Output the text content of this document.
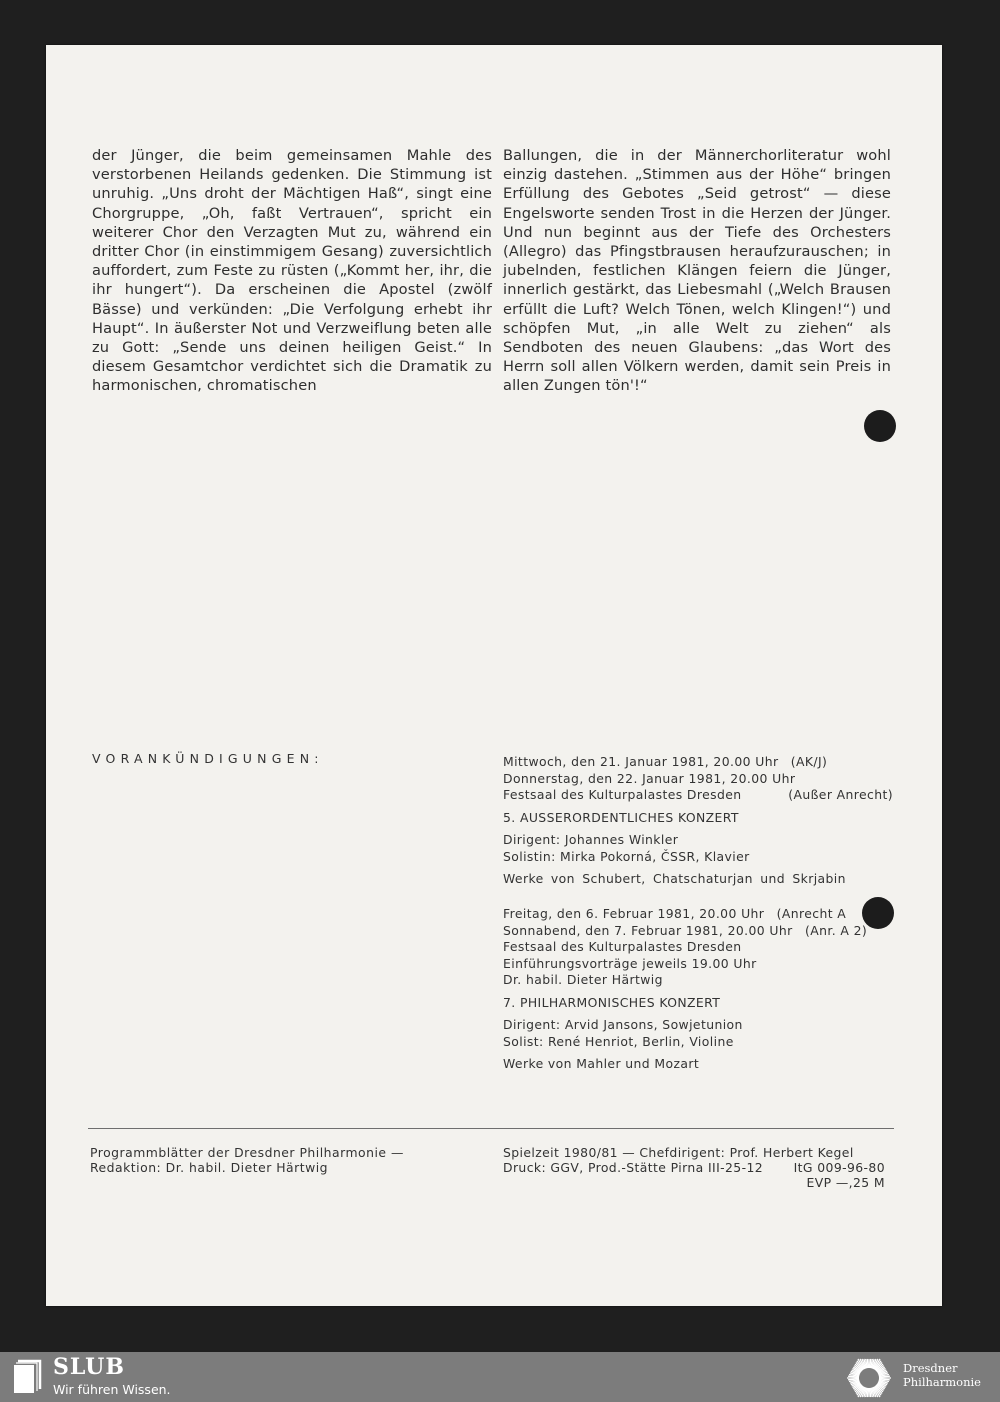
der Jünger, die beim gemeinsamen Mahle des verstorbenen Heilands gedenken. Die Stimmung ist unruhig. „Uns droht der Mächtigen Haß“, singt eine Chorgruppe, „Oh, faßt Vertrauen“, spricht ein weiterer Chor den Verzagten Mut zu, während ein dritter Chor (in einstimmigem Gesang) zuversichtlich auffordert, zum Feste zu rüsten („Kommt her, ihr, die ihr hungert“). Da erscheinen die Apostel (zwölf Bässe) und verkünden: „Die Verfolgung erhebt ihr Haupt“. In äußerster Not und Verzweiflung beten alle zu Gott: „Sende uns deinen heiligen Geist.“ In diesem Gesamtchor verdichtet sich die Dramatik zu harmonischen, chromatischen

Ballungen, die in der Männerchorliteratur wohl einzig dastehen. „Stimmen aus der Höhe“ bringen Erfüllung des Gebotes „Seid getrost“ — diese Engelsworte senden Trost in die Herzen der Jünger. Und nun beginnt aus der Tiefe des Orchesters (Allegro) das Pfingstbrausen heraufzurauschen; in jubelnden, festlichen Klängen feiern die Jünger, innerlich gestärkt, das Liebesmahl („Welch Brausen erfüllt die Luft? Welch Tönen, welch Klingen!“) und schöpfen Mut, „in alle Welt zu ziehen“ als Sendboten des neuen Glaubens: „das Wort des Herrn soll allen Völkern werden, damit sein Preis in allen Zungen tön'!“

VORANKÜNDIGUNGEN:	Mittwoch, den 21. Januar 1981, 20.00 Uhr (AK/J)
Donnerstag, den 22. Januar 1981, 20.00 Uhr
Festsaal des Kulturpalastes Dresden	(Außer Anrecht)
5. AUSSERORDENTLICHES KONZERT
Dirigent: Johannes Winkler
Solistin: Mirka Pokorná, ČSSR, Klavier
Werke von Schubert, Chatschaturjan und Skrjabin
Freitag, den 6. Februar 1981, 20.00 Uhr (Anrecht A
Sonnabend, den 7. Februar 1981, 20.00 Uhr (Anr. A 2)
Festsaal des Kulturpalastes Dresden
Einführungsvorträge jeweils 19.00 Uhr
Dr. habil. Dieter Härtwig
7. PHILHARMONISCHES KONZERT
Dirigent: Arvid Jansons, Sowjetunion
Solist: René Henriot, Berlin, Violine
Werke von Mahler und Mozart
Programmblätter der Dresdner Philharmonie —
Redaktion: Dr. habil. Dieter Härtwig
Spielzeit 1980/81 — Chefdirigent: Prof. Herbert Kegel
Druck: GGV, Prod.-Stätte Pirna III-25-12 ItG 009-96-80
EVP —,25 M
SLUB
Wir führen Wissen.
Dresdner
Philharmonie
